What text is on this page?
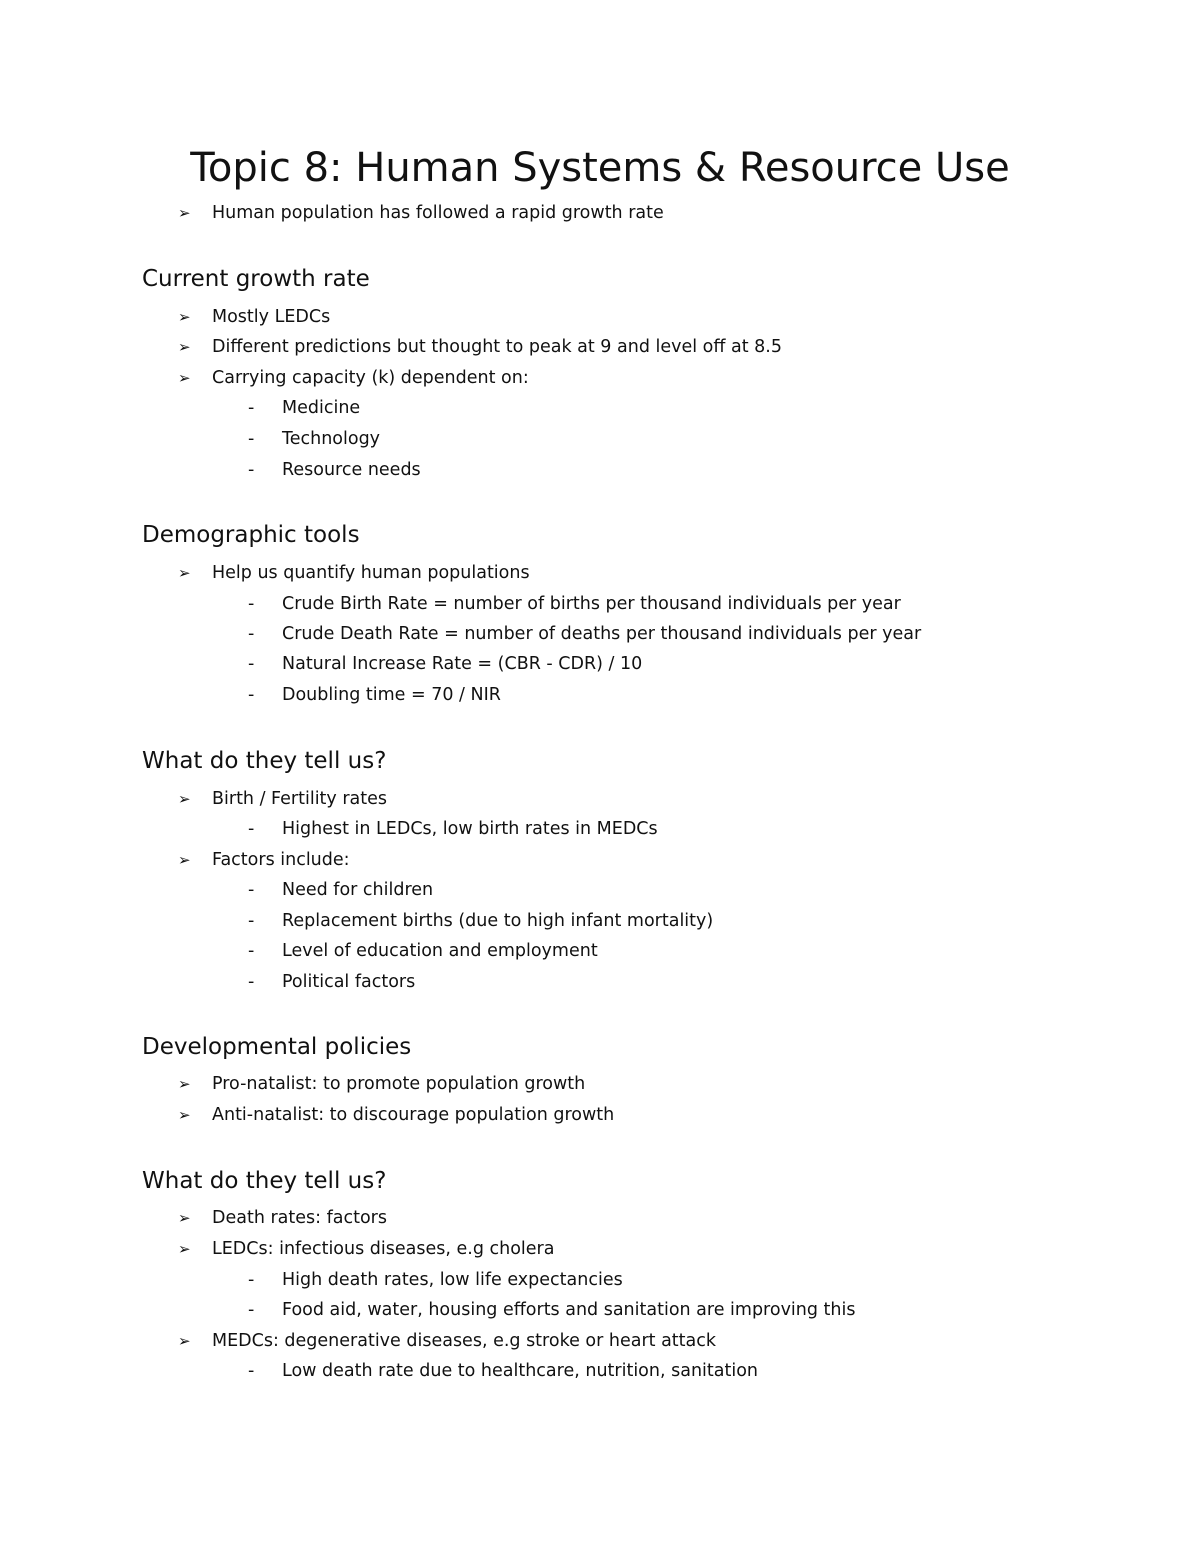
Topic 8: Human Systems & Resource Use
➢ Human population has followed a rapid growth rate
Current growth rate
➢ Mostly LEDCs
➢ Different predictions but thought to peak at 9 and level off at 8.5
➢ Carrying capacity (k) dependent on:
- Medicine
- Technology
- Resource needs
Demographic tools
➢ Help us quantify human populations
- Crude Birth Rate = number of births per thousand individuals per year
- Crude Death Rate = number of deaths per thousand individuals per year
- Natural Increase Rate = (CBR - CDR) / 10
- Doubling time = 70 / NIR
What do they tell us?
➢ Birth / Fertility rates
- Highest in LEDCs, low birth rates in MEDCs
➢ Factors include:
- Need for children
- Replacement births (due to high infant mortality)
- Level of education and employment
- Political factors
Developmental policies
➢ Pro-natalist: to promote population growth
➢ Anti-natalist: to discourage population growth
What do they tell us?
➢ Death rates: factors
➢ LEDCs: infectious diseases, e.g cholera
- High death rates, low life expectancies
- Food aid, water, housing efforts and sanitation are improving this
➢ MEDCs: degenerative diseases, e.g stroke or heart attack
- Low death rate due to healthcare, nutrition, sanitation
